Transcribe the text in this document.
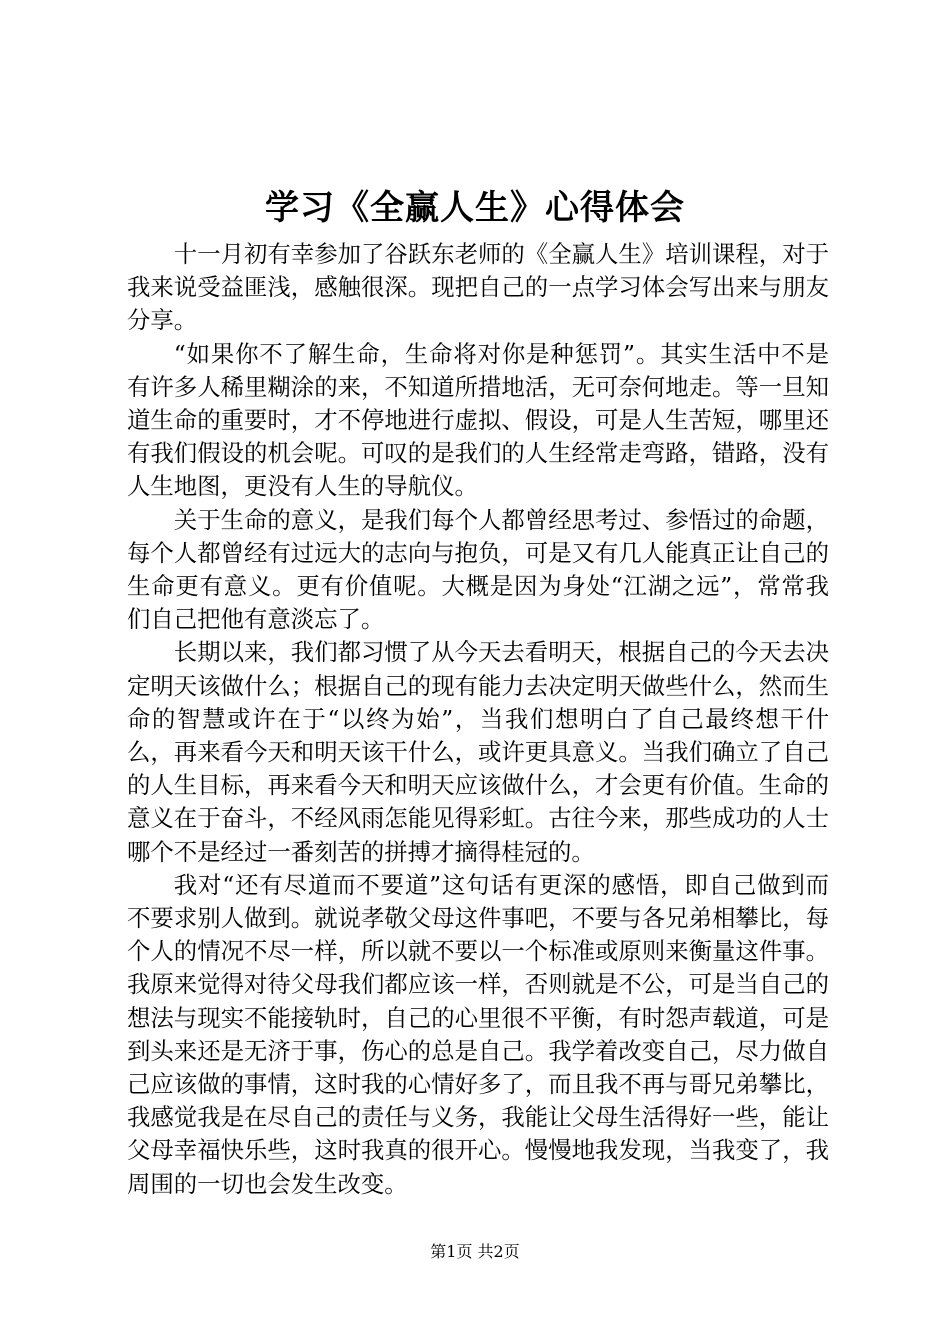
学习《全赢人生》心得体会

十一月初有幸参加了谷跃东老师的《全赢人生》培训课程，对于我来说受益匪浅，感触很深。现把自己的一点学习体会写出来与朋友分享。

“如果你不了解生命，生命将对你是种惩罚”。其实生活中不是有许多人稀里糊涂的来，不知道所措地活，无可奈何地走。等一旦知道生命的重要时，才不停地进行虚拟、假设，可是人生苦短，哪里还有我们假设的机会呢。可叹的是我们的人生经常走弯路，错路，没有人生地图，更没有人生的导航仪。

关于生命的意义，是我们每个人都曾经思考过、参悟过的命题，每个人都曾经有过远大的志向与抱负，可是又有几人能真正让自己的生命更有意义。更有价值呢。大概是因为身处“江湖之远”，常常我们自己把他有意淡忘了。

长期以来，我们都习惯了从今天去看明天，根据自己的今天去决定明天该做什么；根据自己的现有能力去决定明天做些什么，然而生命的智慧或许在于“以终为始”，当我们想明白了自己最终想干什么，再来看今天和明天该干什么，或许更具意义。当我们确立了自己的人生目标，再来看今天和明天应该做什么，才会更有价值。生命的意义在于奋斗，不经风雨怎能见得彩虹。古往今来，那些成功的人士哪个不是经过一番刻苦的拼搏才摘得桂冠的。

我对“还有尽道而不要道”这句话有更深的感悟，即自己做到而不要求别人做到。就说孝敬父母这件事吧，不要与各兄弟相攀比，每个人的情况不尽一样，所以就不要以一个标准或原则来衡量这件事。我原来觉得对待父母我们都应该一样，否则就是不公，可是当自己的想法与现实不能接轨时，自己的心里很不平衡，有时怨声载道，可是到头来还是无济于事，伤心的总是自己。我学着改变自己，尽力做自己应该做的事情，这时我的心情好多了，而且我不再与哥兄弟攀比，我感觉我是在尽自己的责任与义务，我能让父母生活得好一些，能让父母幸福快乐些，这时我真的很开心。慢慢地我发现，当我变了，我周围的一切也会发生改变。

第1页 共2页
